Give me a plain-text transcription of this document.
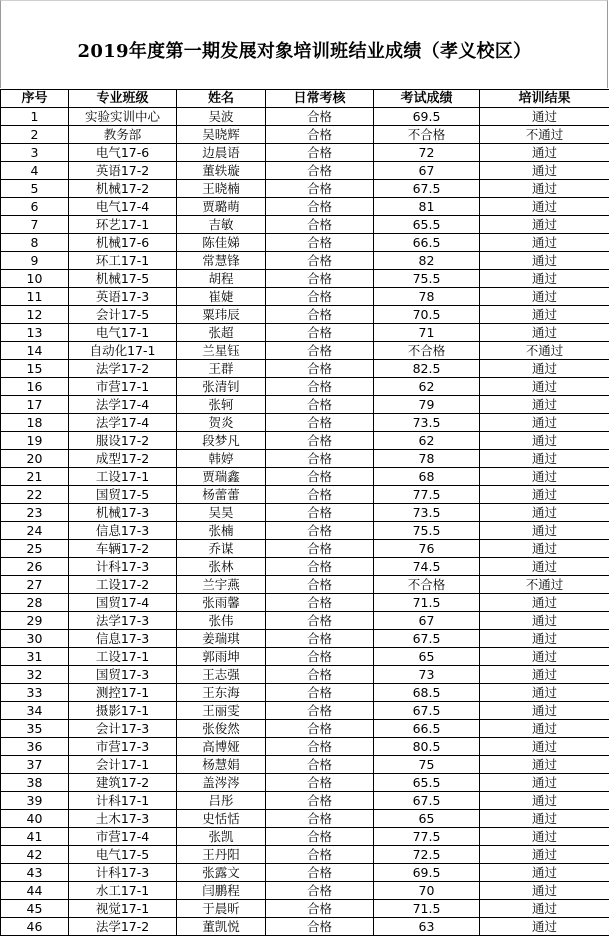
2019年度第一期发展对象培训班结业成绩（孝义校区）
序号	专业班级	姓名	日常考核	考试成绩	培训结果
1	实验实训中心	吴波	合格	69.5	通过
2	教务部	吴晓辉	合格	不合格	不通过
3	电气17-6	边晨语	合格	72	通过
4	英语17-2	董轶璇	合格	67	通过
5	机械17-2	王晓楠	合格	67.5	通过
6	电气17-4	贾璐萌	合格	81	通过
7	环艺17-1	吉敏	合格	65.5	通过
8	机械17-6	陈佳娣	合格	66.5	通过
9	环工17-1	常慧锋	合格	82	通过
10	机械17-5	胡程	合格	75.5	通过
11	英语17-3	崔婕	合格	78	通过
12	会计17-5	粟玮辰	合格	70.5	通过
13	电气17-1	张超	合格	71	通过
14	自动化17-1	兰星钰	合格	不合格	不通过
15	法学17-2	王群	合格	82.5	通过
16	市营17-1	张清钊	合格	62	通过
17	法学17-4	张轲	合格	79	通过
18	法学17-4	贺炎	合格	73.5	通过
19	服设17-2	段梦凡	合格	62	通过
20	成型17-2	韩婷	合格	78	通过
21	工设17-1	贾瑞鑫	合格	68	通过
22	国贸17-5	杨蕾蕾	合格	77.5	通过
23	机械17-3	吴昊	合格	73.5	通过
24	信息17-3	张楠	合格	75.5	通过
25	车辆17-2	乔谋	合格	76	通过
26	计科17-3	张林	合格	74.5	通过
27	工设17-2	兰宇燕	合格	不合格	不通过
28	国贸17-4	张雨馨	合格	71.5	通过
29	法学17-3	张伟	合格	67	通过
30	信息17-3	姜瑞琪	合格	67.5	通过
31	工设17-1	郭雨坤	合格	65	通过
32	国贸17-3	王志强	合格	73	通过
33	测控17-1	王东海	合格	68.5	通过
34	摄影17-1	王丽雯	合格	67.5	通过
35	会计17-3	张俊然	合格	66.5	通过
36	市营17-3	高博娅	合格	80.5	通过
37	会计17-1	杨慧娟	合格	75	通过
38	建筑17-2	盖涔涔	合格	65.5	通过
39	计科17-1	吕彤	合格	67.5	通过
40	土木17-3	史恬恬	合格	65	通过
41	市营17-4	张凯	合格	77.5	通过
42	电气17-5	王丹阳	合格	72.5	通过
43	计科17-3	张露文	合格	69.5	通过
44	水工17-1	闫鹏程	合格	70	通过
45	视觉17-1	于晨昕	合格	71.5	通过
46	法学17-2	董凯悦	合格	63	通过
